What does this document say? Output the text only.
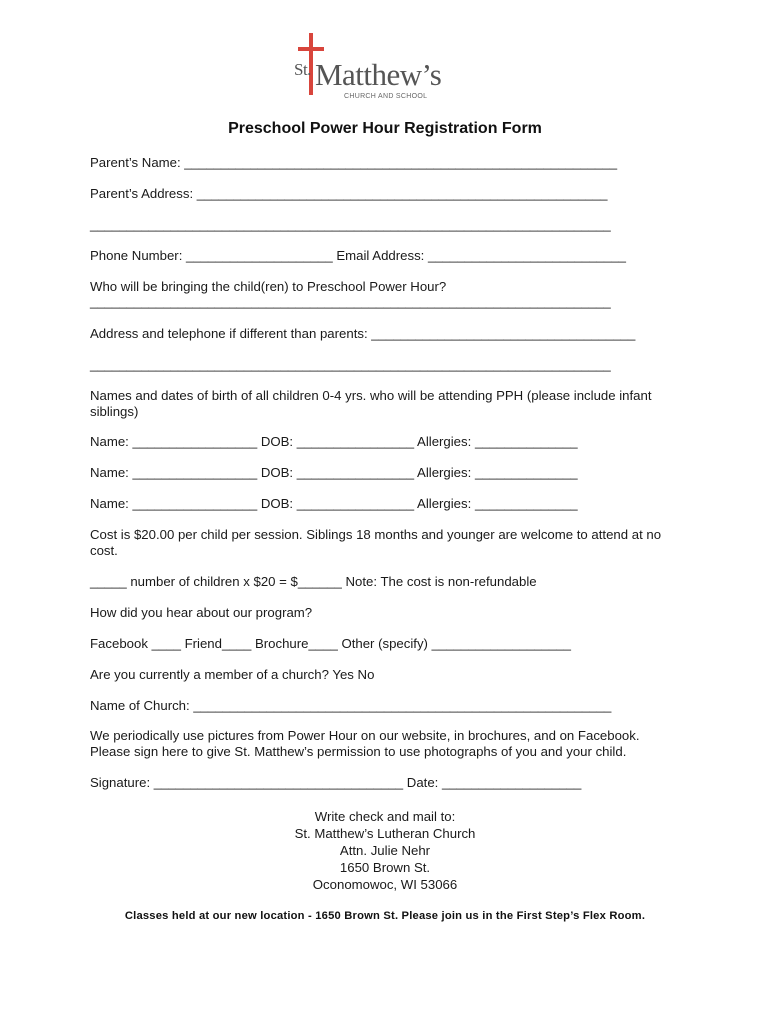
$^{St.}$ Matthew’s
CHURCH AND SCHOOL
Preschool Power Hour Registration Form
Parent’s Name: ___________________________________________________________
Parent’s Address: ________________________________________________________
_______________________________________________________________________
Phone Number: ____________________ Email Address: ___________________________
Who will be bringing the child(ren) to Preschool Power Hour?
_______________________________________________________________________
Address and telephone if different than parents: ____________________________________
_______________________________________________________________________
Names and dates of birth of all children 0-4 yrs. who will be attending PPH (please include infant siblings)
Name: _________________ DOB: ________________ Allergies: ______________
Name: _________________ DOB: ________________ Allergies: ______________
Name: _________________ DOB: ________________ Allergies: ______________
Cost is $20.00 per child per session. Siblings 18 months and younger are welcome to attend at no cost.
_____ number of children x $20 = $______ Note: The cost is non-refundable
How did you hear about our program?
Facebook ____ Friend____ Brochure____ Other (specify) ___________________
Are you currently a member of a church? Yes No
Name of Church: _________________________________________________________
We periodically use pictures from Power Hour on our website, in brochures, and on Facebook. Please sign here to give St. Matthew’s permission to use photographs of you and your child.
Signature: __________________________________ Date: ___________________
Write check and mail to:
St. Matthew’s Lutheran Church
Attn. Julie Nehr
1650 Brown St.
Oconomowoc, WI 53066
Classes held at our new location - 1650 Brown St. Please join us in the First Step’s Flex Room.
